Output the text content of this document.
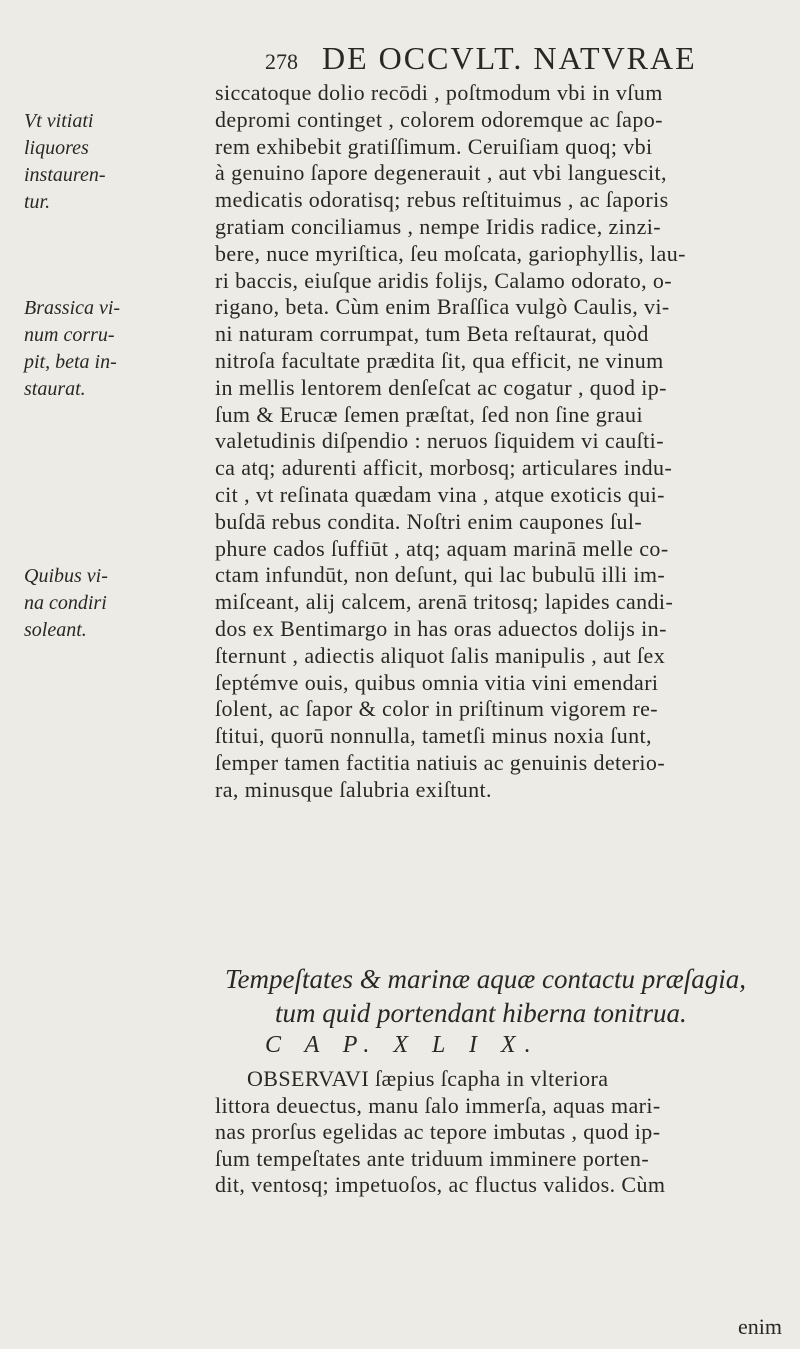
278 DE OCCVLT. NATVRAE
Vt vitiati
liquores
instauren-
tur.
Brassica vi-
num corru-
pit, beta in-
staurat.
Quibus vi-
na condiri
soleant.
siccatoque dolio recōdi , poſtmodum vbi in vſum
depromi continget , colorem odoremque ac ſapo-
rem exhibebit gratiſſimum. Ceruiſiam quoq; vbi
à genuino ſapore degenerauit , aut vbi languescit,
medicatis odoratisq; rebus reſtituimus , ac ſaporis
gratiam conciliamus , nempe Iridis radice, zinzi-
bere, nuce myriſtica, ſeu moſcata, gariophyllis, lau-
ri baccis, eiuſque aridis folijs, Calamo odorato, o-
rigano, beta. Cùm enim Braſſica vulgò Caulis, vi-
ni naturam corrumpat, tum Beta reſtaurat, quòd
nitroſa facultate prædita ſit, qua efficit, ne vinum
in mellis lentorem denſeſcat ac cogatur , quod ip-
ſum & Erucæ ſemen præſtat, ſed non ſine graui
valetudinis diſpendio : neruos ſiquidem vi cauſti-
ca atq; adurenti afficit, morbosq; articulares indu-
cit , vt reſinata quædam vina , atque exoticis qui-
buſdā rebus condita. Noſtri enim caupones ſul-
phure cados ſuffiūt , atq; aquam marinā melle co-
ctam infundūt, non deſunt, qui lac bubulū illi im-
miſceant, alij calcem, arenā tritosq; lapides candi-
dos ex Bentimargo in has oras aduectos dolijs in-
ſternunt , adiectis aliquot ſalis manipulis , aut ſex
ſeptémve ouis, quibus omnia vitia vini emendari
ſolent, ac ſapor & color in priſtinum vigorem re-
ſtitui, quorū nonnulla, tametſi minus noxia ſunt,
ſemper tamen factitia natiuis ac genuinis deterio-
ra, minusque ſalubria exiſtunt.
Tempeſtates & marinæ aquæ contactu præſagia,
tum quid portendant hiberna tonitrua.
C A P. X L I X.
OBSERVAVI ſæpius ſcapha in vlteriora
littora deuectus, manu ſalo immerſa, aquas mari-
nas prorſus egelidas ac tepore imbutas , quod ip-
ſum tempeſtates ante triduum imminere porten-
dit, ventosq; impetuoſos, ac fluctus validos. Cùm
enim
